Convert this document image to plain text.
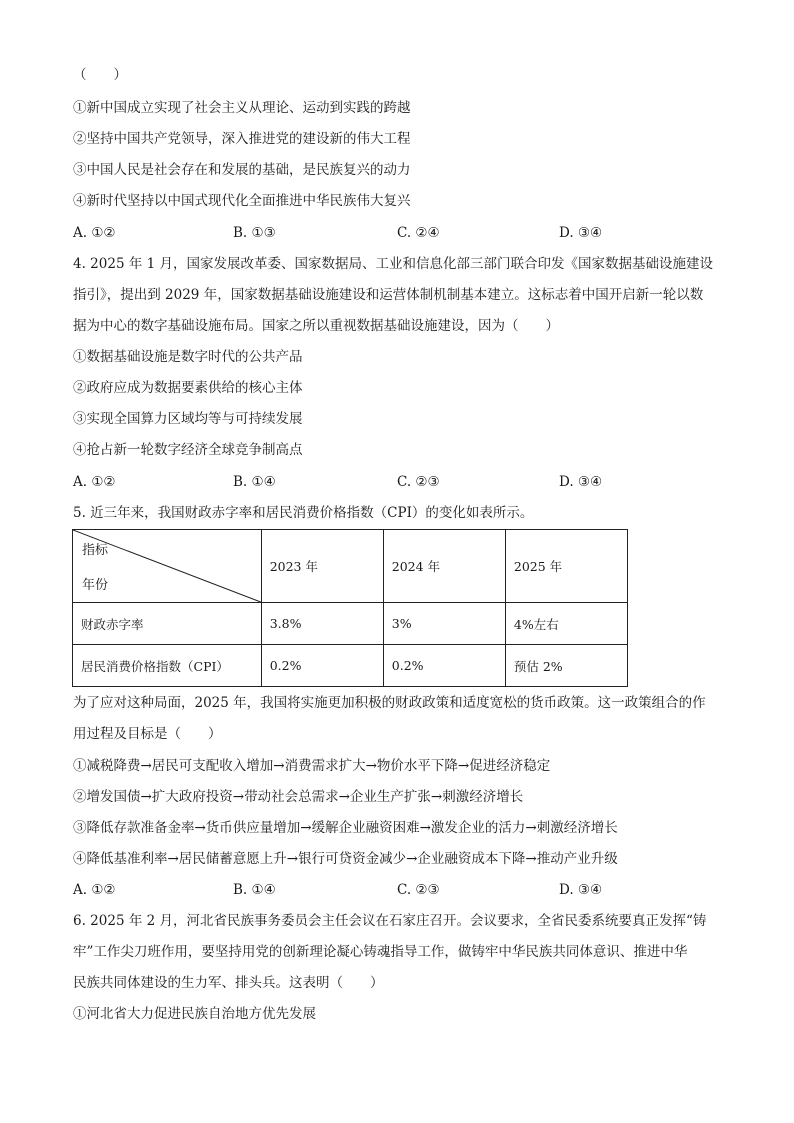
（　　）
①新中国成立实现了社会主义从理论、运动到实践的跨越
②坚持中国共产党领导，深入推进党的建设新的伟大工程
③中国人民是社会存在和发展的基础，是民族复兴的动力
④新时代坚持以中国式现代化全面推进中华民族伟大复兴
A. ①②	B. ①③	C. ②④	D. ③④
4. 2025 年 1 月，国家发展改革委、国家数据局、工业和信息化部三部门联合印发《国家数据基础设施建设
指引》，提出到 2029 年，国家数据基础设施建设和运营体制机制基本建立。这标志着中国开启新一轮以数
据为中心的数字基础设施布局。国家之所以重视数据基础设施建设，因为（　　）
①数据基础设施是数字时代的公共产品
②政府应成为数据要素供给的核心主体
③实现全国算力区域均等与可持续发展
④抢占新一轮数字经济全球竞争制高点
A. ①②	B. ①④	C. ②③	D. ③④
5. 近三年来，我国财政赤字率和居民消费价格指数（CPI）的变化如表所示。
指标
年份	2023 年	2024 年	2025 年
财政赤字率	3.8%	3%	4%左右
居民消费价格指数（CPI）	0.2%	0.2%	预估 2%
为了应对这种局面，2025 年，我国将实施更加积极的财政政策和适度宽松的货币政策。这一政策组合的作
用过程及目标是（　　）
①减税降费→居民可支配收入增加→消费需求扩大→物价水平下降→促进经济稳定
②增发国债→扩大政府投资→带动社会总需求→企业生产扩张→刺激经济增长
③降低存款准备金率→货币供应量增加→缓解企业融资困难→激发企业的活力→刺激经济增长
④降低基准利率→居民储蓄意愿上升→银行可贷资金减少→企业融资成本下降→推动产业升级
A. ①②	B. ①④	C. ②③	D. ③④
6. 2025 年 2 月，河北省民族事务委员会主任会议在石家庄召开。会议要求，全省民委系统要真正发挥“铸
牢”工作尖刀班作用，要坚持用党的创新理论凝心铸魂指导工作，做铸牢中华民族共同体意识、推进中华
民族共同体建设的生力军、排头兵。这表明（　　）
①河北省大力促进民族自治地方优先发展
